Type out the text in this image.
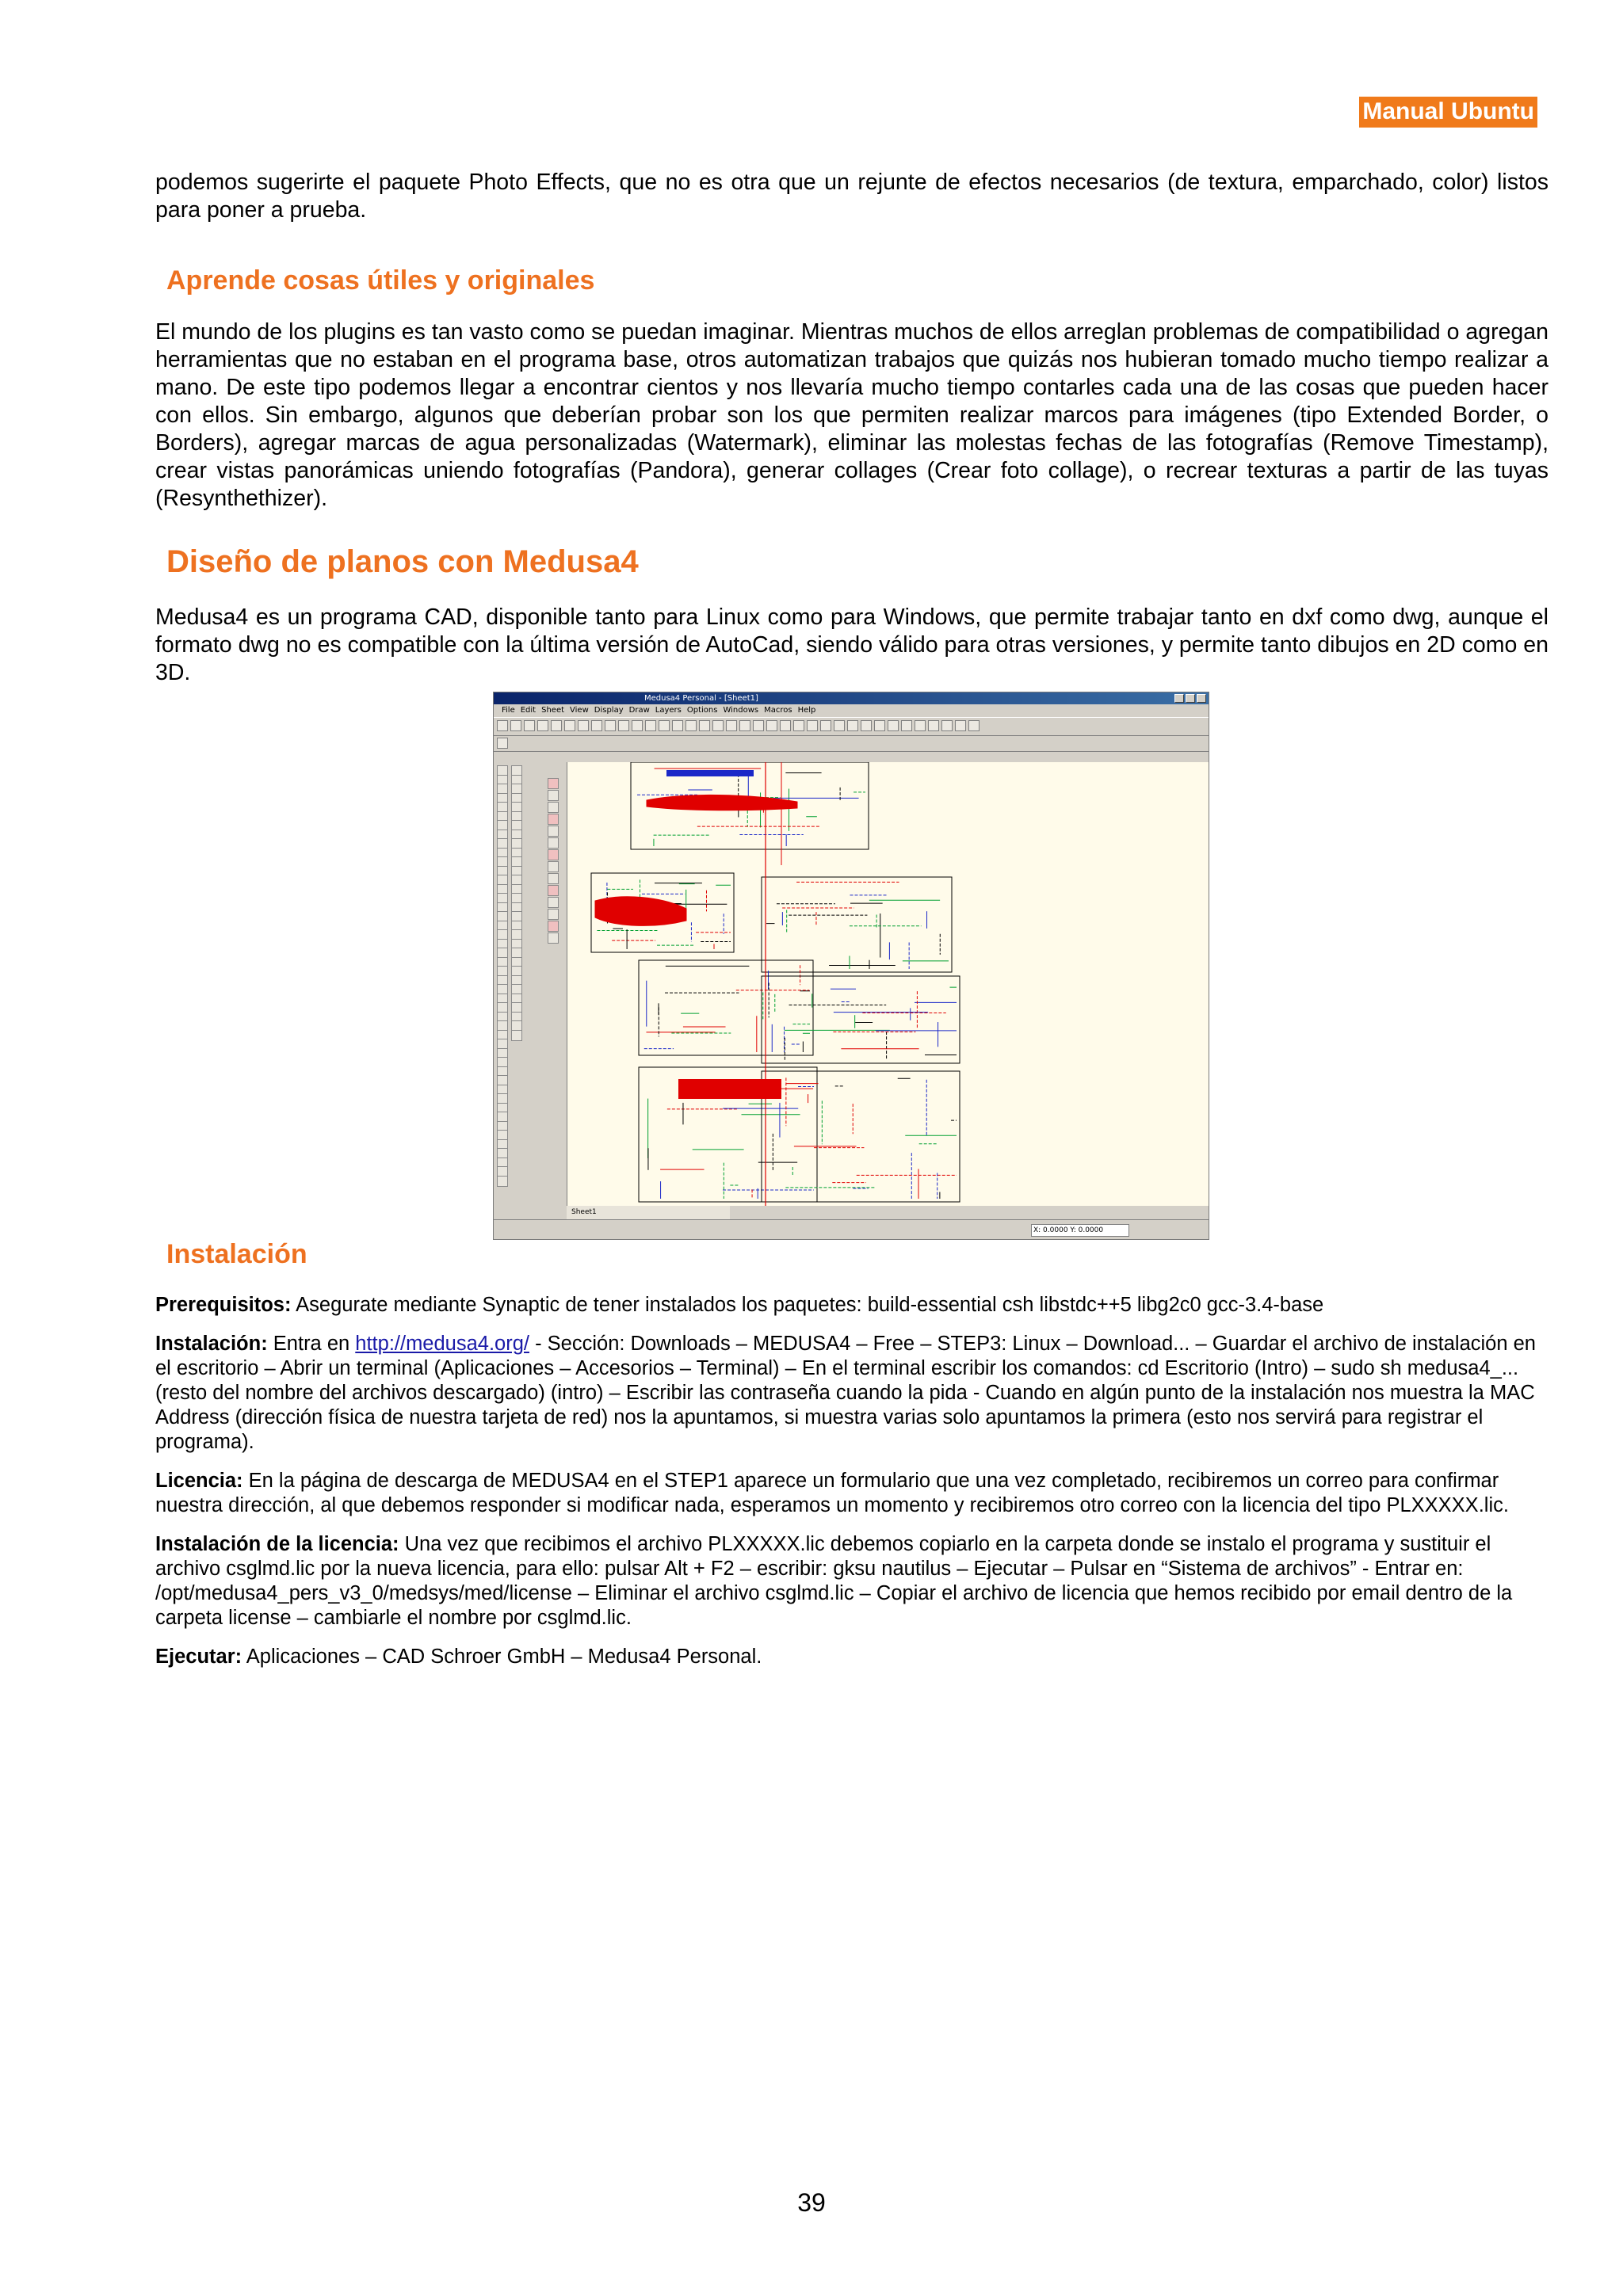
Manual Ubuntu

podemos sugerirte el paquete Photo Effects, que no es otra que un rejunte de efectos necesarios (de textura, emparchado, color) listos para poner a prueba.

Aprende cosas útiles y originales

El mundo de los plugins es tan vasto como se puedan imaginar. Mientras muchos de ellos arreglan problemas de compatibilidad o agregan herramientas que no estaban en el programa base, otros automatizan trabajos que quizás nos hubieran tomado mucho tiempo realizar a mano. De este tipo podemos llegar a encontrar cientos y nos llevaría mucho tiempo contarles cada una de las cosas que pueden hacer con ellos. Sin embargo, algunos que deberían probar son los que permiten realizar marcos para imágenes (tipo Extended Border, o Borders), agregar marcas de agua personalizadas (Watermark), eliminar las molestas fechas de las fotografías (Remove Timestamp), crear vistas panorámicas uniendo fotografías (Pandora), generar collages (Crear foto collage), o recrear texturas a partir de las tuyas (Resynthethizer).

Diseño de planos con Medusa4

Medusa4 es un programa CAD, disponible tanto para Linux como para Windows, que permite trabajar tanto en dxf como dwg, aunque el formato dwg no es compatible con la última versión de AutoCad, siendo válido para otras versiones, y permite tanto dibujos en 2D como en 3D.

Medusa4 Personal - [Sheet1]
File Edit Sheet View Display Draw Layers Options Windows Macros Help
Sheet1
X: 0.0000 Y: 0.0000
Instalación

Prerequisitos: Asegurate mediante Synaptic de tener instalados los paquetes: build-essential csh libstdc++5 libg2c0 gcc-3.4-base

Instalación: Entra en http://medusa4.org/ - Sección: Downloads – MEDUSA4 – Free – STEP3: Linux – Download... – Guardar el archivo de instalación en el escritorio – Abrir un terminal (Aplicaciones – Accesorios – Terminal) – En el terminal escribir los comandos: cd Escritorio (Intro) – sudo sh medusa4_...(resto del nombre del archivos descargado) (intro) – Escribir las contraseña cuando la pida - Cuando en algún punto de la instalación nos muestra la MAC Address (dirección física de nuestra tarjeta de red) nos la apuntamos, si muestra varias solo apuntamos la primera (esto nos servirá para registrar el programa).

Licencia: En la página de descarga de MEDUSA4 en el STEP1 aparece un formulario que una vez completado, recibiremos un correo para confirmar nuestra dirección, al que debemos responder si modificar nada, esperamos un momento y recibiremos otro correo con la licencia del tipo PLXXXXX.lic.

Instalación de la licencia: Una vez que recibimos el archivo PLXXXXX.lic debemos copiarlo en la carpeta donde se instalo el programa y sustituir el archivo csglmd.lic por la nueva licencia, para ello: pulsar Alt + F2 – escribir: gksu nautilus – Ejecutar – Pulsar en “Sistema de archivos” - Entrar en: /opt/medusa4_pers_v3_0/medsys/med/license – Eliminar el archivo csglmd.lic – Copiar el archivo de licencia que hemos recibido por email dentro de la carpeta license – cambiarle el nombre por csglmd.lic.

Ejecutar: Aplicaciones – CAD Schroer GmbH – Medusa4 Personal.

39
